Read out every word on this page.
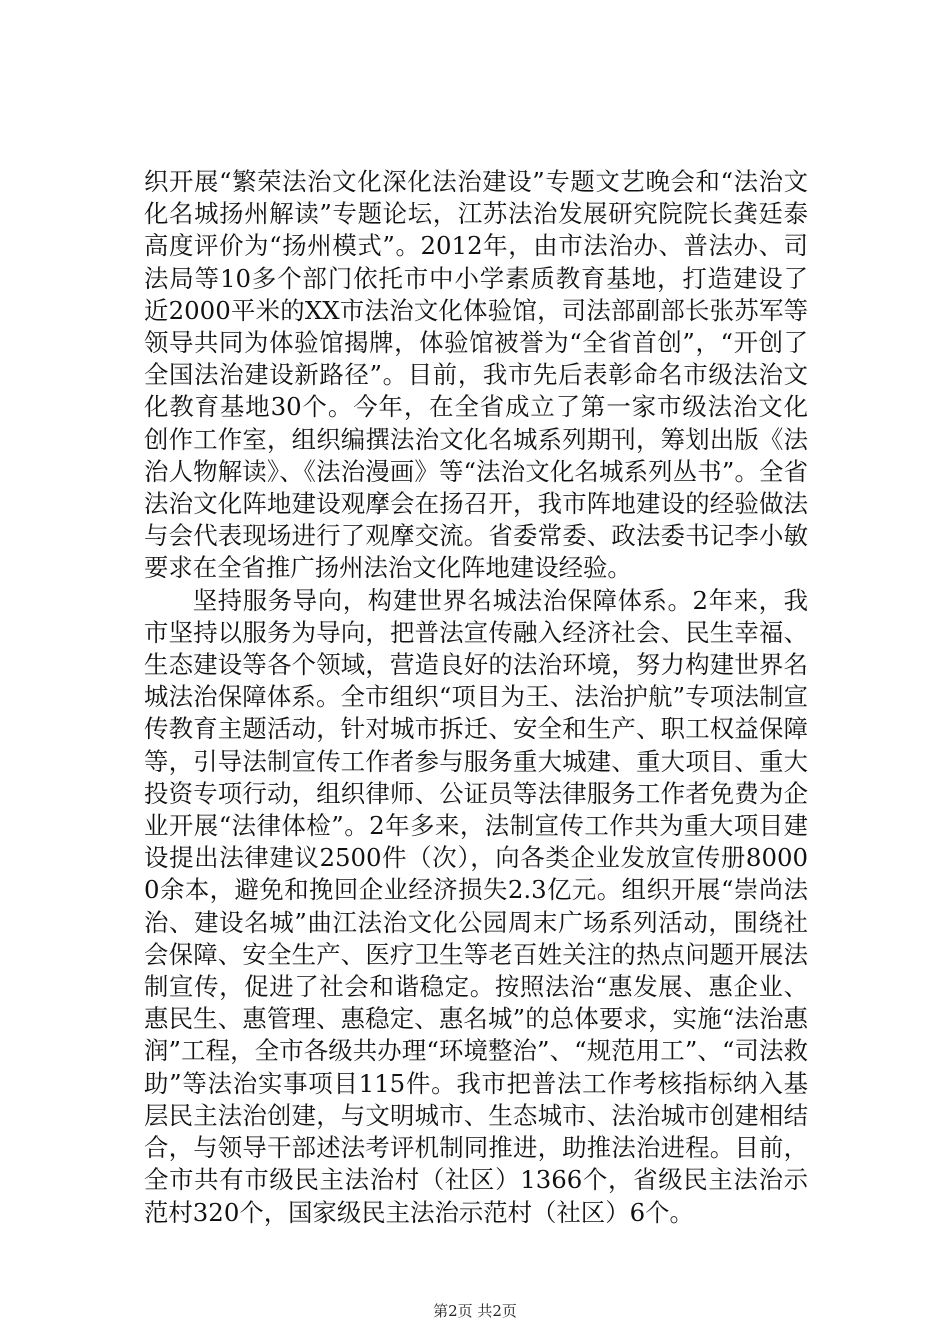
织开展“繁荣法治文化深化法治建设”专题文艺晚会和“法治文化名城扬州解读”专题论坛，江苏法治发展研究院院长龚廷泰高度评价为“扬州模式”。2012年，由市法治办、普法办、司法局等10多个部门依托市中小学素质教育基地，打造建设了近2000平米的XX市法治文化体验馆，司法部副部长张苏军等领导共同为体验馆揭牌，体验馆被誉为“全省首创”，“开创了全国法治建设新路径”。目前，我市先后表彰命名市级法治文化教育基地30个。今年，在全省成立了第一家市级法治文化创作工作室，组织编撰法治文化名城系列期刊，筹划出版《法治人物解读》、《法治漫画》等“法治文化名城系列丛书”。全省法治文化阵地建设观摩会在扬召开，我市阵地建设的经验做法与会代表现场进行了观摩交流。省委常委、政法委书记李小敏要求在全省推广扬州法治文化阵地建设经验。

坚持服务导向，构建世界名城法治保障体系。2年来，我市坚持以服务为导向，把普法宣传融入经济社会、民生幸福、生态建设等各个领域，营造良好的法治环境，努力构建世界名城法治保障体系。全市组织“项目为王、法治护航”专项法制宣传教育主题活动，针对城市拆迁、安全和生产、职工权益保障等，引导法制宣传工作者参与服务重大城建、重大项目、重大投资专项行动，组织律师、公证员等法律服务工作者免费为企业开展“法律体检”。2年多来，法制宣传工作共为重大项目建设提出法律建议2500件（次），向各类企业发放宣传册80000余本，避免和挽回企业经济损失2.3亿元。组织开展“崇尚法治、建设名城”曲江法治文化公园周末广场系列活动，围绕社会保障、安全生产、医疗卫生等老百姓关注的热点问题开展法制宣传，促进了社会和谐稳定。按照法治“惠发展、惠企业、惠民生、惠管理、惠稳定、惠名城”的总体要求，实施“法治惠润”工程，全市各级共办理“环境整治”、“规范用工”、“司法救助”等法治实事项目115件。我市把普法工作考核指标纳入基层民主法治创建，与文明城市、生态城市、法治城市创建相结合，与领导干部述法考评机制同推进，助推法治进程。目前，全市共有市级民主法治村（社区）1366个，省级民主法治示范村320个，国家级民主法治示范村（社区）6个。

第2页 共2页
